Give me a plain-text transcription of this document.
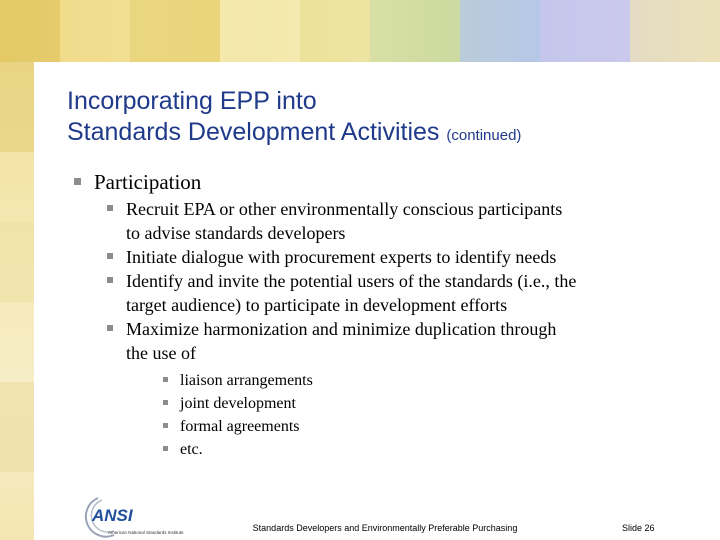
Incorporating EPP into
Standards Development Activities (continued)
Participation
Recruit EPA or other environmentally conscious participants
to advise standards developers
Initiate dialogue with procurement experts to identify needs
Identify and invite the potential users of the standards (i.e., the
target audience) to participate in development efforts
Maximize harmonization and minimize duplication through
the use of
liaison arrangements
joint development
formal agreements
etc.
ANSI
American National Standards Institute	Standards Developers and Environmentally Preferable Purchasing	Slide 26
